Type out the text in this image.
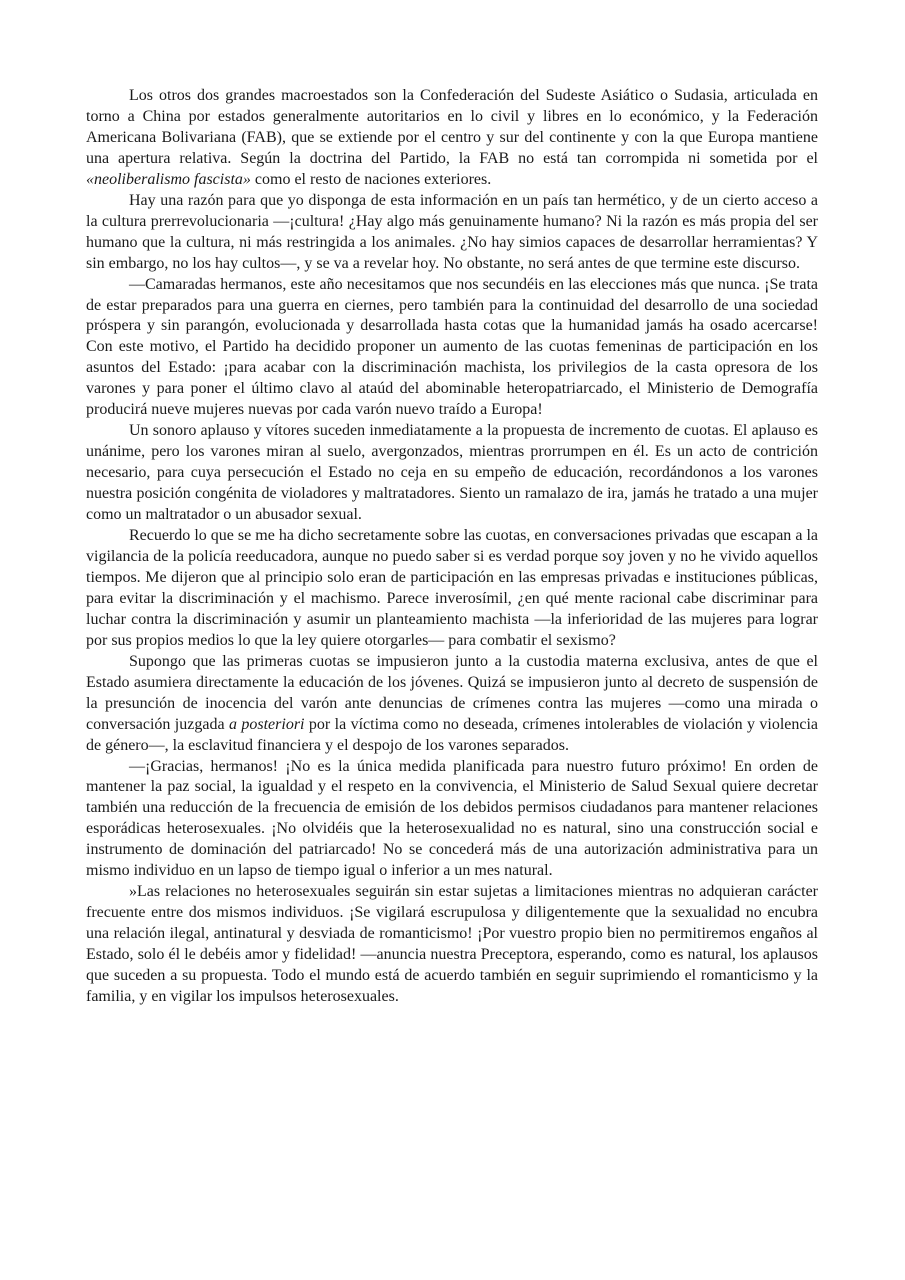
Los otros dos grandes macroestados son la Confederación del Sudeste Asiático o Sudasia, articulada en torno a China por estados generalmente autoritarios en lo civil y libres en lo económico, y la Federación Americana Bolivariana (FAB), que se extiende por el centro y sur del continente y con la que Europa mantiene una apertura relativa. Según la doctrina del Partido, la FAB no está tan corrompida ni sometida por el «neoliberalismo fascista» como el resto de naciones exteriores.

Hay una razón para que yo disponga de esta información en un país tan hermético, y de un cierto acceso a la cultura prerrevolucionaria —¡cultura! ¿Hay algo más genuinamente humano? Ni la razón es más propia del ser humano que la cultura, ni más restringida a los animales. ¿No hay simios capaces de desarrollar herramientas? Y sin embargo, no los hay cultos—, y se va a revelar hoy. No obstante, no será antes de que termine este discurso.

—Camaradas hermanos, este año necesitamos que nos secundéis en las elecciones más que nunca. ¡Se trata de estar preparados para una guerra en ciernes, pero también para la continuidad del desarrollo de una sociedad próspera y sin parangón, evolucionada y desarrollada hasta cotas que la humanidad jamás ha osado acercarse! Con este motivo, el Partido ha decidido proponer un aumento de las cuotas femeninas de participación en los asuntos del Estado: ¡para acabar con la discriminación machista, los privilegios de la casta opresora de los varones y para poner el último clavo al ataúd del abominable heteropatriarcado, el Ministerio de Demografía producirá nueve mujeres nuevas por cada varón nuevo traído a Europa!

Un sonoro aplauso y vítores suceden inmediatamente a la propuesta de incremento de cuotas. El aplauso es unánime, pero los varones miran al suelo, avergonzados, mientras prorrumpen en él. Es un acto de contrición necesario, para cuya persecución el Estado no ceja en su empeño de educación, recordándonos a los varones nuestra posición congénita de violadores y maltratadores. Siento un ramalazo de ira, jamás he tratado a una mujer como un maltratador o un abusador sexual.

Recuerdo lo que se me ha dicho secretamente sobre las cuotas, en conversaciones privadas que escapan a la vigilancia de la policía reeducadora, aunque no puedo saber si es verdad porque soy joven y no he vivido aquellos tiempos. Me dijeron que al principio solo eran de participación en las empresas privadas e instituciones públicas, para evitar la discriminación y el machismo. Parece inverosímil, ¿en qué mente racional cabe discriminar para luchar contra la discriminación y asumir un planteamiento machista —la inferioridad de las mujeres para lograr por sus propios medios lo que la ley quiere otorgarles— para combatir el sexismo?

Supongo que las primeras cuotas se impusieron junto a la custodia materna exclusiva, antes de que el Estado asumiera directamente la educación de los jóvenes. Quizá se impusieron junto al decreto de suspensión de la presunción de inocencia del varón ante denuncias de crímenes contra las mujeres —como una mirada o conversación juzgada a posteriori por la víctima como no deseada, crímenes intolerables de violación y violencia de género—, la esclavitud financiera y el despojo de los varones separados.

—¡Gracias, hermanos! ¡No es la única medida planificada para nuestro futuro próximo! En orden de mantener la paz social, la igualdad y el respeto en la convivencia, el Ministerio de Salud Sexual quiere decretar también una reducción de la frecuencia de emisión de los debidos permisos ciudadanos para mantener relaciones esporádicas heterosexuales. ¡No olvidéis que la heterosexualidad no es natural, sino una construcción social e instrumento de dominación del patriarcado! No se concederá más de una autorización administrativa para un mismo individuo en un lapso de tiempo igual o inferior a un mes natural.

»Las relaciones no heterosexuales seguirán sin estar sujetas a limitaciones mientras no adquieran carácter frecuente entre dos mismos individuos. ¡Se vigilará escrupulosa y diligentemente que la sexualidad no encubra una relación ilegal, antinatural y desviada de romanticismo! ¡Por vuestro propio bien no permitiremos engaños al Estado, solo él le debéis amor y fidelidad! —anuncia nuestra Preceptora, esperando, como es natural, los aplausos que suceden a su propuesta. Todo el mundo está de acuerdo también en seguir suprimiendo el romanticismo y la familia, y en vigilar los impulsos heterosexuales.
